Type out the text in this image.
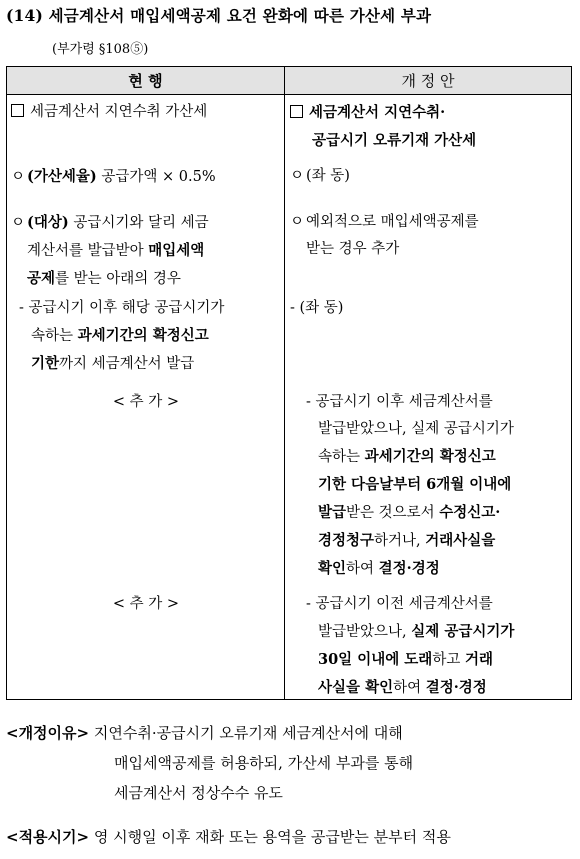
(14) 세금계산서 매입세액공제 요건 완화에 따른 가산세 부과
(부가령 §108⑤)
현 행	개 정 안
세금계산서 지연수취 가산세
ㅇ (가산세율) 공급가액 × 0.5%
ㅇ (대상) 공급시기와 달리 세금
계산서를 발급받아 매입세액
공제를 받는 아래의 경우
- 공급시기 이후 해당 공급시기가
속하는 과세기간의 확정신고
기한까지 세금계산서 발급
< 추 가 >
< 추 가 >
세금계산서 지연수취·
공급시기 오류기재 가산세
ㅇ (좌 동)
ㅇ 예외적으로 매입세액공제를
받는 경우 추가
- (좌 동)
- 공급시기 이후 세금계산서를
발급받았으나, 실제 공급시기가
속하는 과세기간의 확정신고
기한 다음날부터 6개월 이내에
발급받은 것으로서 수정신고·
경정청구하거나, 거래사실을
확인하여 결정·경정
- 공급시기 이전 세금계산서를
발급받았으나, 실제 공급시기가
30일 이내에 도래하고 거래
사실을 확인하여 결정·경정
<개정이유> 지연수취·공급시기 오류기재 세금계산서에 대해
매입세액공제를 허용하되, 가산세 부과를 통해
세금계산서 정상수수 유도
<적용시기> 영 시행일 이후 재화 또는 용역을 공급받는 분부터 적용
